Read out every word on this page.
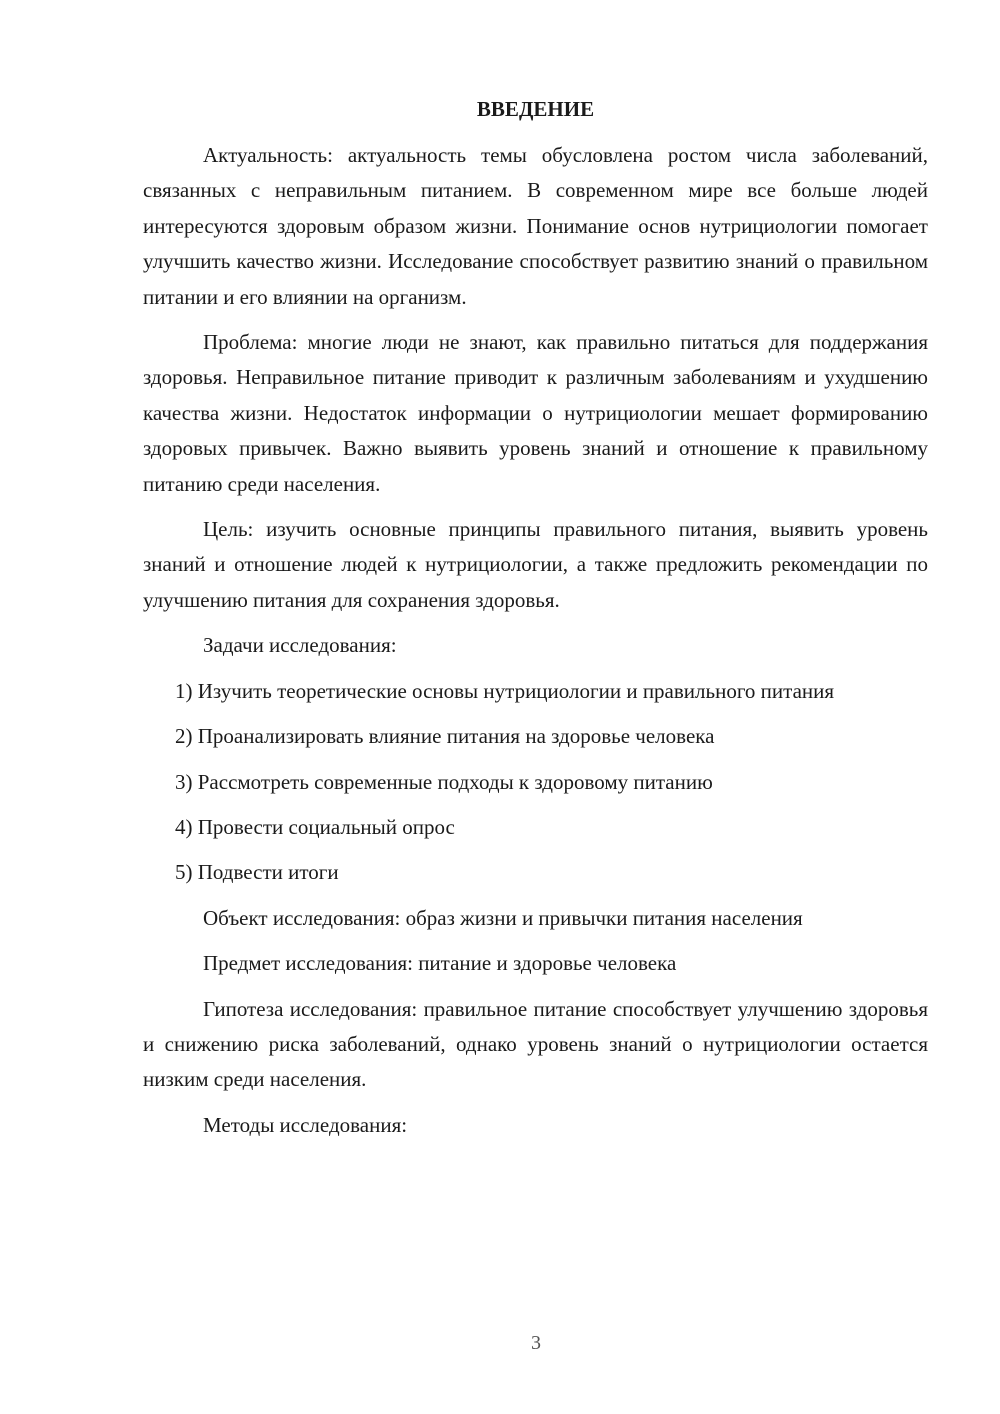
ВВЕДЕНИЕ

Актуальность: актуальность темы обусловлена ростом числа заболеваний, связанных с неправильным питанием. В современном мире все больше людей интересуются здоровым образом жизни. Понимание основ нутрициологии помогает улучшить качество жизни. Исследование способствует развитию знаний о правильном питании и его влиянии на организм.

Проблема: многие люди не знают, как правильно питаться для поддержания здоровья. Неправильное питание приводит к различным заболеваниям и ухудшению качества жизни. Недостаток информации о нутрициологии мешает формированию здоровых привычек. Важно выявить уровень знаний и отношение к правильному питанию среди населения.

Цель: изучить основные принципы правильного питания, выявить уровень знаний и отношение людей к нутрициологии, а также предложить рекомендации по улучшению питания для сохранения здоровья.

Задачи исследования:

1) Изучить теоретические основы нутрициологии и правильного питания

2) Проанализировать влияние питания на здоровье человека

3) Рассмотреть современные подходы к здоровому питанию

4) Провести социальный опрос

5) Подвести итоги

Объект исследования: образ жизни и привычки питания населения

Предмет исследования: питание и здоровье человека

Гипотеза исследования: правильное питание способствует улучшению здоровья и снижению риска заболеваний, однако уровень знаний о нутрициологии остается низким среди населения.

Методы исследования:

3
